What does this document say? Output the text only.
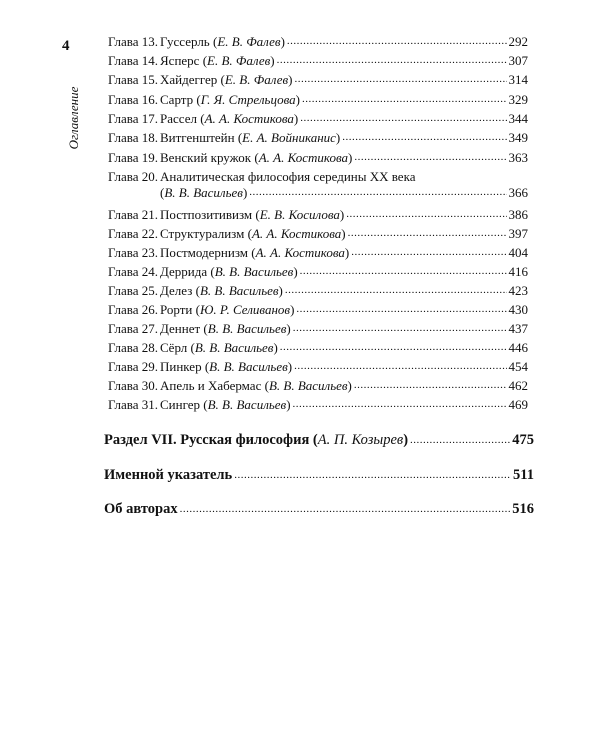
4
Оглавление
Глава 13. Гуссерль (Е. В. Фалев) .....	292
Глава 14. Ясперс (Е. В. Фалев) .....	307
Глава 15. Хайдеггер (Е. В. Фалев) .....	314
Глава 16. Сартр (Г. Я. Стрельцова) .....	329
Глава 17. Рассел (А. А. Костикова) .....	344
Глава 18. Витгенштейн (Е. А. Войниканис) .....	349
Глава 19. Венский кружок (А. А. Костикова) .....	363
Глава 20. Аналитическая философия середины XX века
(В. В. Васильев) .....	366
Глава 21. Постпозитивизм (Е. В. Косилова) .....	386
Глава 22. Структурализм (А. А. Костикова) .....	397
Глава 23. Постмодернизм (А. А. Костикова) .....	404
Глава 24. Деррида (В. В. Васильев) .....	416
Глава 25. Делез (В. В. Васильев) .....	423
Глава 26. Рорти (Ю. Р. Селиванов) .....	430
Глава 27. Деннет (В. В. Васильев) .....	437
Глава 28. Сёрл (В. В. Васильев) .....	446
Глава 29. Пинкер (В. В. Васильев) .....	454
Глава 30. Апель и Хабермас (В. В. Васильев) .....	462
Глава 31. Сингер (В. В. Васильев) .....	469
Раздел VII. Русская философия (А. П. Козырев) .....	475
Именной указатель .....	511
Об авторах .....	516
